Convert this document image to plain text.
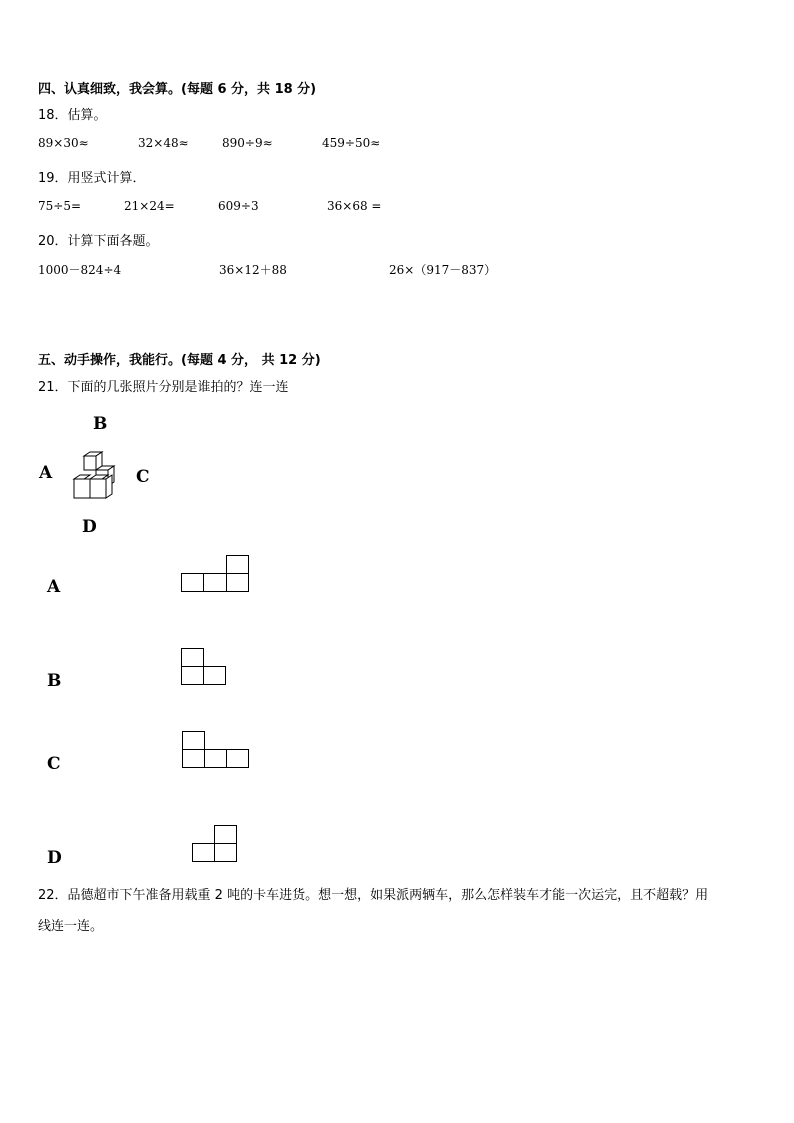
四、认真细致，我会算。(每题 6 分，共 18 分)
18．估算。
89×30≈	32×48≈	890÷9≈	459÷50≈
19．用竖式计算．
75÷5=	21×24=	609÷3	36×68 =
20．计算下面各题。
1000－824÷4	36×12＋88	26×（917－837）
五、动手操作，我能行。(每题 4 分， 共 12 分)
21．下面的几张照片分别是谁拍的？连一连
B
A	C
D
A
B
C
D
22．品德超市下午准备用载重 2 吨的卡车进货。想一想，如果派两辆车，那么怎样装车才能一次运完，且不超载？用
线连一连。
